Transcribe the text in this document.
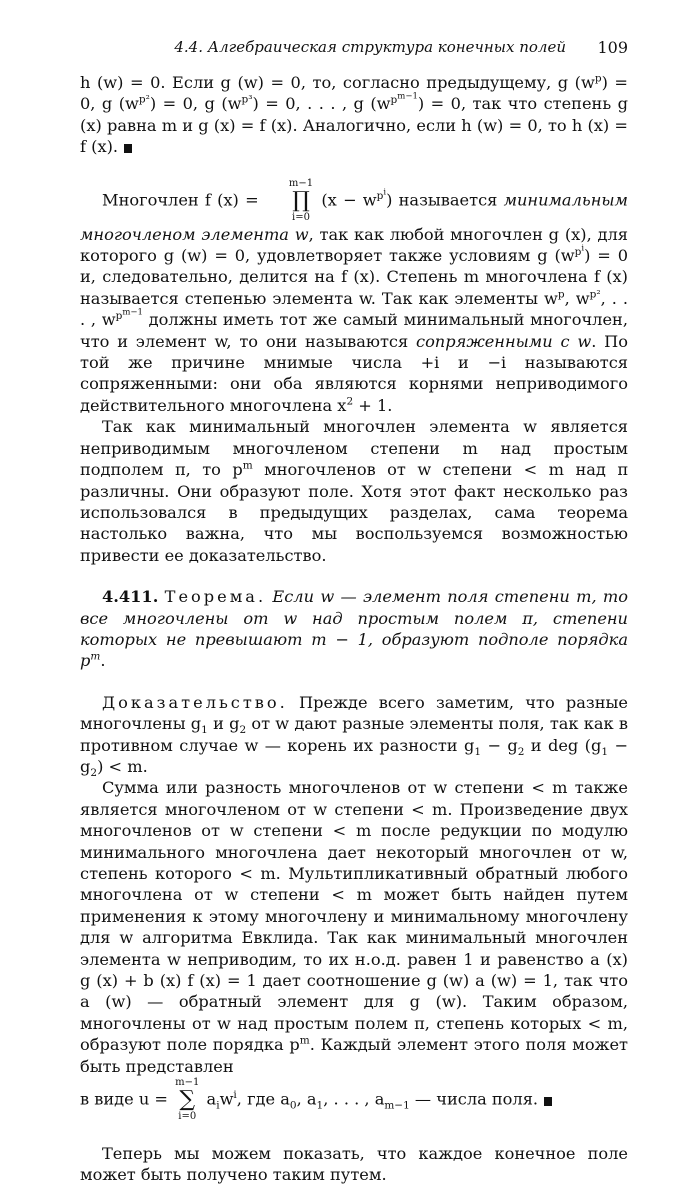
4.4. Алгебраическая структура конечных полей 109

h (w) = 0. Если g (w) = 0, то, согласно предыдущему, g $(w^p) = 0$, g $(w^{p^2}) = 0$, g $(w^{p^3}) = 0$, . . . , g $(w^{p^{m-1}}) = 0$, так что степень g (x) равна m и g (x) = f (x). Аналогично, если h (w) = 0, то h (x) = f (x).

Многочлен f (x) =
m−1
∏
i=0
$(x - w^{p^i})$ называется минимальным многочленом элемента w, так как любой многочлен g (x), для которого g (w) = 0, удовлетворяет также условиям g $(w^{p^i}) = 0$ и, следовательно, делится на f (x). Степень m многочлена f (x) называется степенью элемента w. Так как элементы $w^p$, $w^{p^2}$, . . . , $w^{p^{m-1}}$ должны иметь тот же самый минимальный многочлен, что и элемент w, то они называются сопряженными с w. По той же причине мнимые числа +i и −i называются сопряженными: они оба являются корнями неприводимого действительного многочлена $x^2 + 1$.

Так как минимальный многочлен элемента w является неприводимым многочленом степени m над простым подполем π, то $p^m$ многочленов от w степени < m над π различны. Они образуют поле. Хотя этот факт несколько раз использовался в предыдущих разделах, сама теорема настолько важна, что мы воспользуемся возможностью привести ее доказательство.

4.411. Теорема. Если w — элемент поля степени m, то все многочлены от w над простым полем π, степени которых не превышают m − 1, образуют подполе порядка $p^m$.

Доказательство. Прежде всего заметим, что разные многочлены $g_1$ и $g_2$ от w дают разные элементы поля, так как в противном случае w — корень их разности $g_1 - g_2$ и deg $(g_1 - g_2) < m$.

Сумма или разность многочленов от w степени < m также является многочленом от w степени < m. Произведение двух многочленов от w степени < m после редукции по модулю минимального многочлена дает некоторый многочлен от w, степень которого < m. Мультипликативный обратный любого многочлена от w степени < m может быть найден путем применения к этому многочлену и минимальному многочлену для w алгоритма Евклида. Так как минимальный многочлен элемента w неприводим, то их н.о.д. равен 1 и равенство a (x) g (x) + b (x) f (x) = 1 дает соотношение g (w) a (w) = 1, так что a (w) — обратный элемент для g (w). Таким образом, многочлены от w над простым полем π, степень которых < m, образуют поле порядка $p^m$. Каждый элемент этого поля может быть представлен

в виде u =
m−1
∑
i=0
$a_iw^i$, где $a_0$, $a_1$, . . . , $a_{m-1}$ — числа поля.

Теперь мы можем показать, что каждое конечное поле может быть получено таким путем.
